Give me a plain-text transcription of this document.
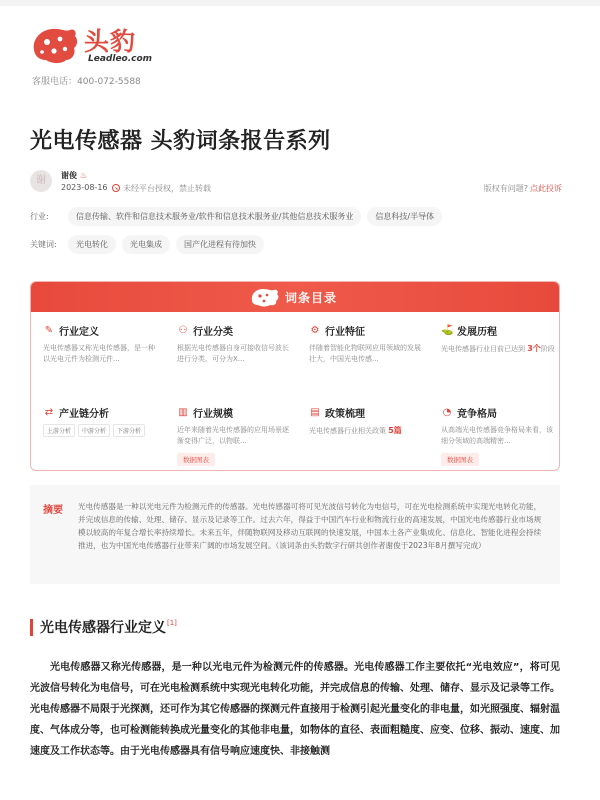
头豹
Leadleo.com
客服电话：400-072-5588
光电传感器 头豹词条报告系列
谢	谢俊 ♨
2023-08-16	未经平台授权，禁止转载	版权有问题? 点此投诉
行业:	信息传输、软件和信息技术服务业/软件和信息技术服务业/其他信息技术服务业	信息科技/半导体
关键词:	光电转化	光电集成	国产化进程有待加快
词条目录
✎ 行业定义
光电传感器又称光电传感器，是一种以光电元件为检测元件...
⚇ 行业分类
根据光电传感器自身可接收信号波长进行分类，可分为X...
⚙ 行业特征
伴随着智能化物联网应用领域的发展壮大，中国光电传感...
⛳ 发展历程
光电传感器行业目前已达到 3个阶段
⇄ 产业链分析
上游分析	中游分析	下游分析
▥ 行业规模
近年来随着光电传感器的应用场景逐渐变得广泛，以物联...
数据图表
▤ 政策梳理
光电传感器行业相关政策 5篇
◔ 竞争格局
从高端光电传感器竞争格局来看，该细分领域的高端精密...
数据图表
摘要 光电传感器是一种以光电元件为检测元件的传感器。光电传感器可将可见光波信号转化为电信号，可在光电检测系统中实现光电转化功能，并完成信息的传输、处理、储存、显示及记录等工作。过去六年，得益于中国汽车行业和物流行业的高速发展，中国光电传感器行业市场规模以较高的年复合增长率持续增长。未来五年，伴随物联网及移动互联网的快速发展，中国本土各产业集成化、信息化、智能化进程会持续推进，也为中国光电传感器行业带来广阔的市场发展空间。（该词条由头豹数字行研共创作者谢俊于2023年8月撰写完成）
光电传感器行业定义 [1]
光电传感器又称光传感器，是一种以光电元件为检测元件的传感器。光电传感器工作主要依托“光电效应”，将可见光波信号转化为电信号，可在光电检测系统中实现光电转化功能，并完成信息的传输、处理、储存、显示及记录等工作。光电传感器不局限于光探测，还可作为其它传感器的探测元件直接用于检测引起光量变化的非电量，如光照强度、辐射温度、气体成分等，也可检测能转换成光量变化的其他非电量，如物体的直径、表面粗糙度、应变、位移、振动、速度、加速度及工作状态等。由于光电传感器具有信号响应速度快、非接触测
